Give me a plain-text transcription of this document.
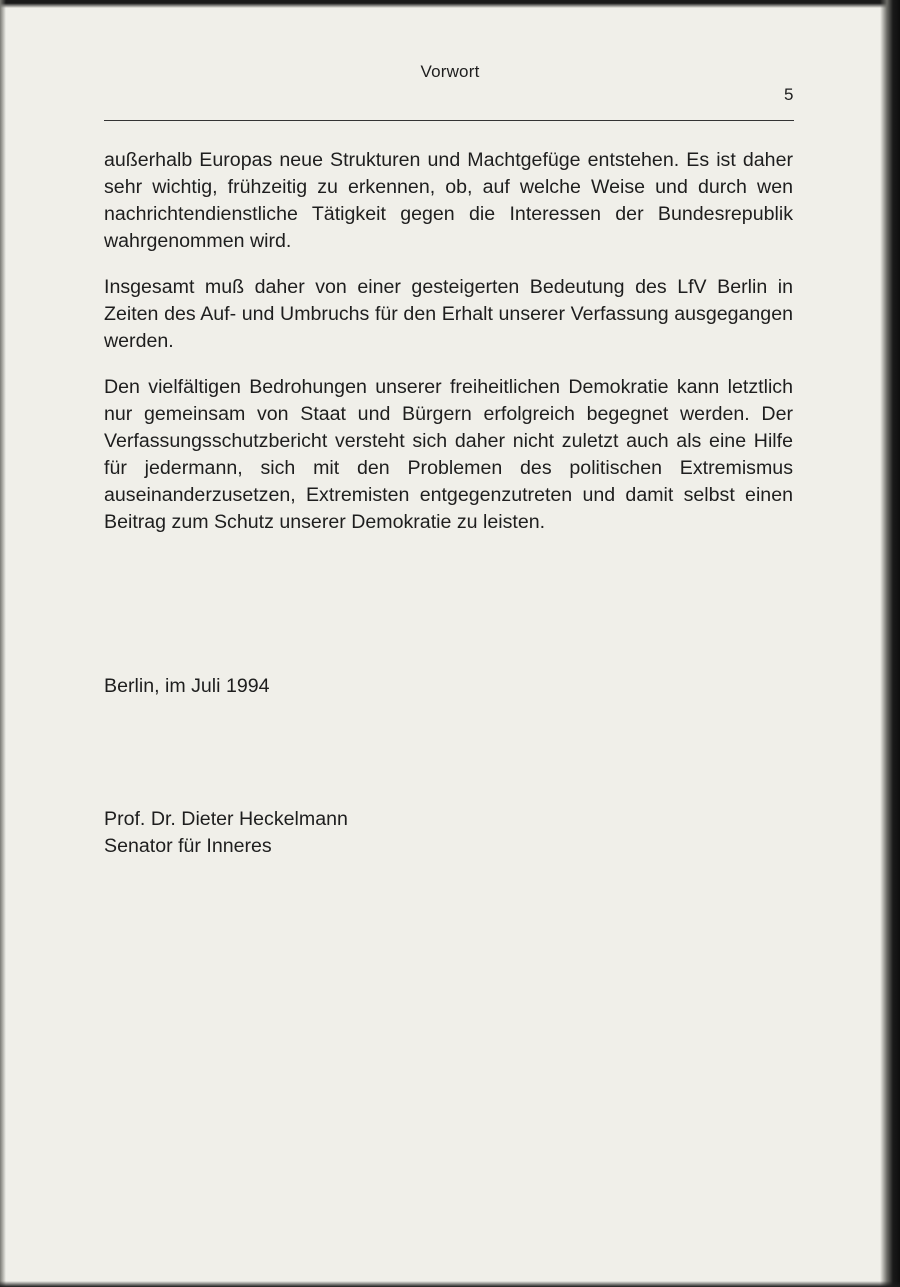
Vorwort
5

außerhalb Europas neue Strukturen und Machtgefüge entstehen. Es ist daher sehr wichtig, frühzeitig zu erkennen, ob, auf welche Weise und durch wen nachrichtendienstliche Tätigkeit gegen die Interessen der Bundesrepublik wahrgenommen wird.

Insgesamt muß daher von einer gesteigerten Bedeutung des LfV Berlin in Zeiten des Auf- und Umbruchs für den Erhalt unserer Verfassung ausgegangen werden.

Den vielfältigen Bedrohungen unserer freiheitlichen Demokratie kann letztlich nur gemeinsam von Staat und Bürgern erfolgreich begegnet werden. Der Verfassungsschutzbericht versteht sich daher nicht zuletzt auch als eine Hilfe für jedermann, sich mit den Problemen des politischen Extremismus auseinanderzusetzen, Extremisten entgegenzutreten und damit selbst einen Beitrag zum Schutz unserer Demokratie zu leisten.

Berlin, im Juli 1994
Prof. Dr. Dieter Heckelmann
Senator für Inneres
